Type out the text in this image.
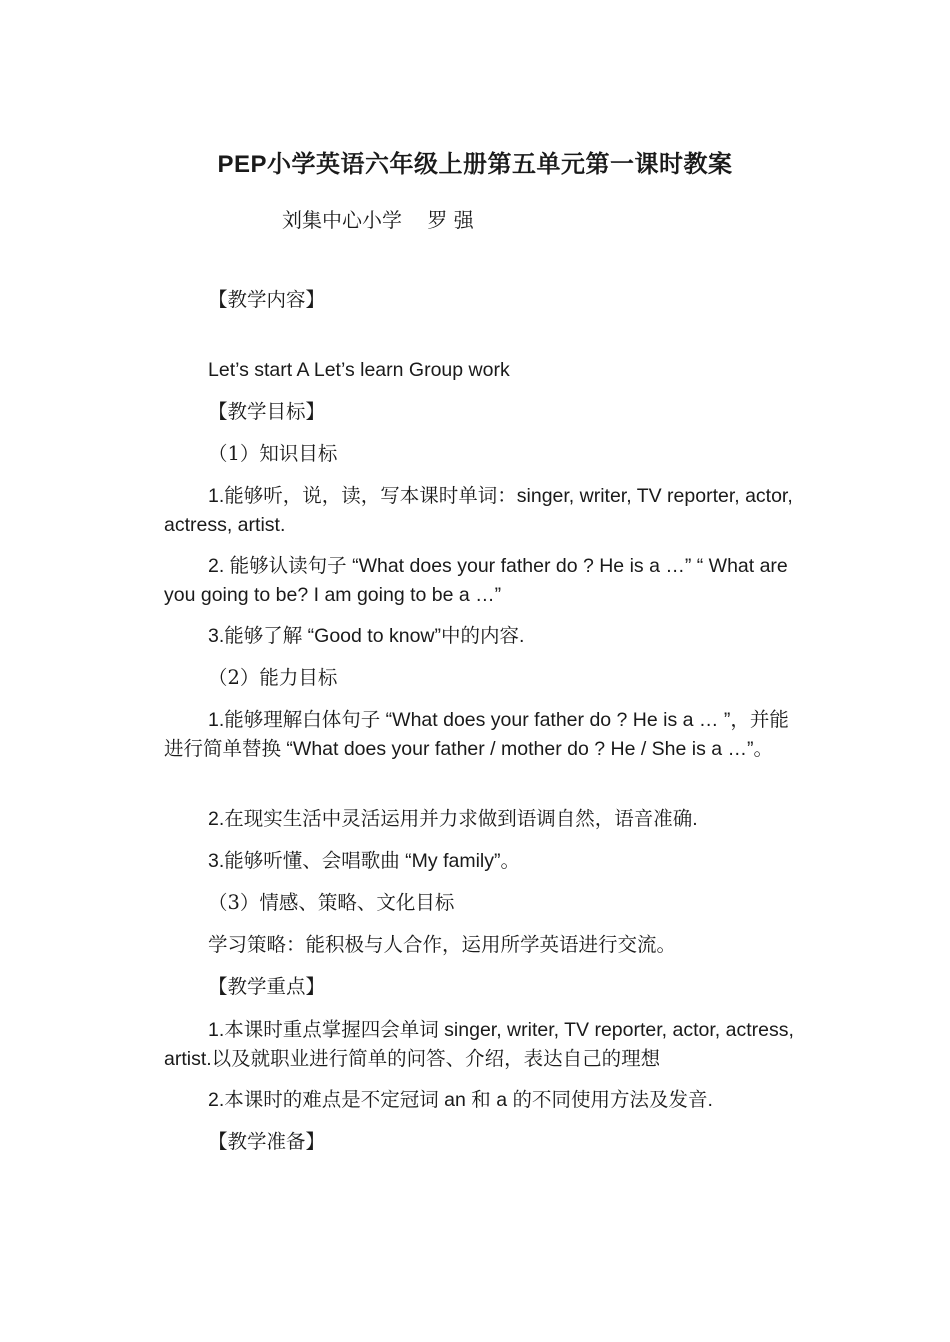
PEP小学英语六年级上册第五单元第一课时教案
刘集中心小学    罗 强
【教学内容】
Let’s start A Let’s learn Group work
【教学目标】
（1）知识目标
1.能够听，说，读，写本课时单词：singer, writer, TV reporter, actor, actress, artist.
2. 能够认读句子 “What does your father do ? He is a …” “ What are you going to be? I am going to be a …”
3.能够了解 “Good to know”中的内容.
（2）能力目标
1.能够理解白体句子 “What does your father do ? He is a … ”，并能进行简单替换 “What does your father / mother do ? He / She is a …”。
2.在现实生活中灵活运用并力求做到语调自然，语音准确.
3.能够听懂、会唱歌曲 “My family”。
（3）情感、策略、文化目标
学习策略：能积极与人合作，运用所学英语进行交流。
【教学重点】
1.本课时重点掌握四会单词 singer, writer, TV reporter, actor, actress, artist.以及就职业进行简单的问答、介绍，表达自己的理想
2.本课时的难点是不定冠词 an 和 a 的不同使用方法及发音.
【教学准备】
